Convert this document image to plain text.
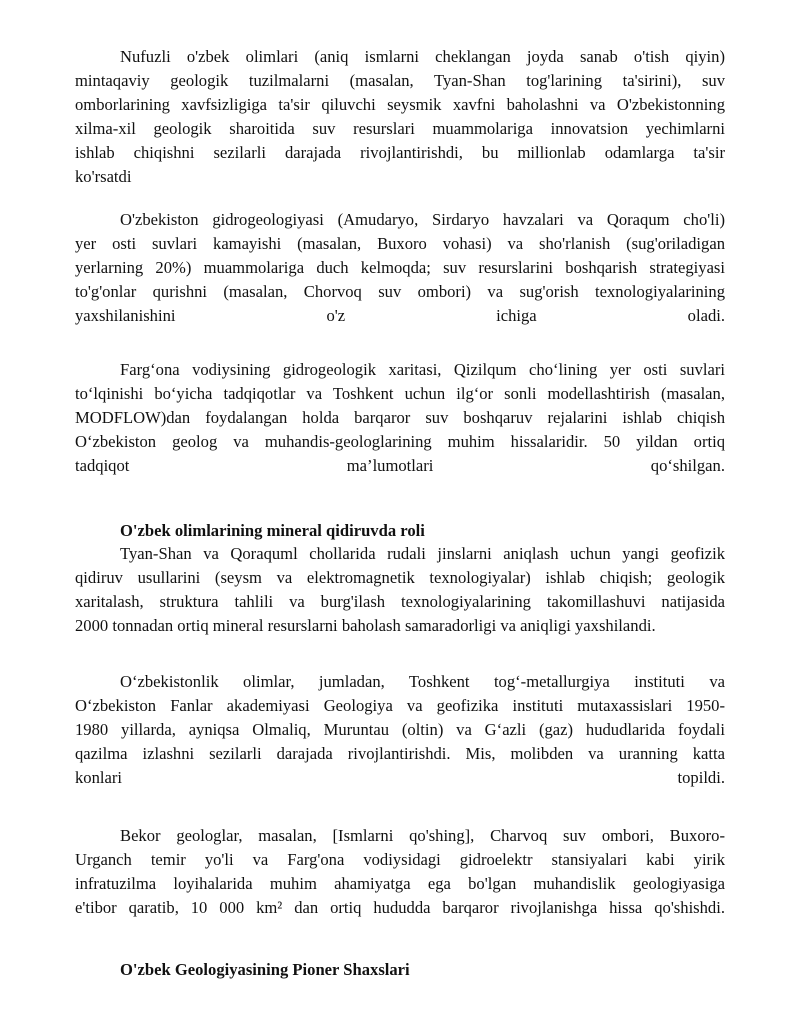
Nufuzli o'zbek olimlari (aniq ismlarni cheklangan joyda sanab o'tish qiyin)
mintaqaviy geologik tuzilmalarni (masalan, Tyan-Shan tog'larining ta'sirini), suv
omborlarining xavfsizligiga ta'sir qiluvchi seysmik xavfni baholashni va O'zbekistonning
xilma-xil geologik sharoitida suv resurslari muammolariga innovatsion yechimlarni
ishlab chiqishni sezilarli darajada rivojlantirishdi, bu millionlab odamlarga ta'sir
ko'rsatdi

O'zbekiston gidrogeologiyasi (Amudaryo, Sirdaryo havzalari va Qoraqum cho'li)
yer osti suvlari kamayishi (masalan, Buxoro vohasi) va sho'rlanish (sug'oriladigan
yerlarning 20%) muammolariga duch kelmoqda; suv resurslarini boshqarish strategiyasi
to'g'onlar qurishni (masalan, Chorvoq suv ombori) va sug'orish texnologiyalarining
yaxshilanishini o'z ichiga oladi.

Farg‘ona vodiysining gidrogeologik xaritasi, Qizilqum cho‘lining yer osti suvlari
to‘lqinishi bo‘yicha tadqiqotlar va Toshkent uchun ilg‘or sonli modellashtirish (masalan,
MODFLOW)dan foydalangan holda barqaror suv boshqaruv rejalarini ishlab chiqish
O‘zbekiston geolog va muhandis-geologlarining muhim hissalaridir. 50 yildan ortiq
tadqiqot ma’lumotlari qo‘shilgan.

O'zbek olimlarining mineral qidiruvda roli

Tyan-Shan va Qoraquml chollarida rudali jinslarni aniqlash uchun yangi geofizik
qidiruv usullarini (seysm va elektromagnetik texnologiyalar) ishlab chiqish; geologik
xaritalash, struktura tahlili va burg'ilash texnologiyalarining takomillashuvi natijasida
2000 tonnadan ortiq mineral resurslarni baholash samaradorligi va aniqligi yaxshilandi.

O‘zbekistonlik olimlar, jumladan, Toshkent tog‘-metallurgiya instituti va
O‘zbekiston Fanlar akademiyasi Geologiya va geofizika instituti mutaxassislari 1950-
1980 yillarda, ayniqsa Olmaliq, Muruntau (oltin) va G‘azli (gaz) hududlarida foydali
qazilma izlashni sezilarli darajada rivojlantirishdi. Mis, molibden va uranning katta
konlari topildi.

Bekor geologlar, masalan, [Ismlarni qo'shing], Charvoq suv ombori, Buxoro-
Urganch temir yo'li va Farg'ona vodiysidagi gidroelektr stansiyalari kabi yirik
infratuzilma loyihalarida muhim ahamiyatga ega bo'lgan muhandislik geologiyasiga
e'tibor qaratib, 10 000 km² dan ortiq hududda barqaror rivojlanishga hissa qo'shishdi.

O'zbek Geologiyasining Pioner Shaxslari
